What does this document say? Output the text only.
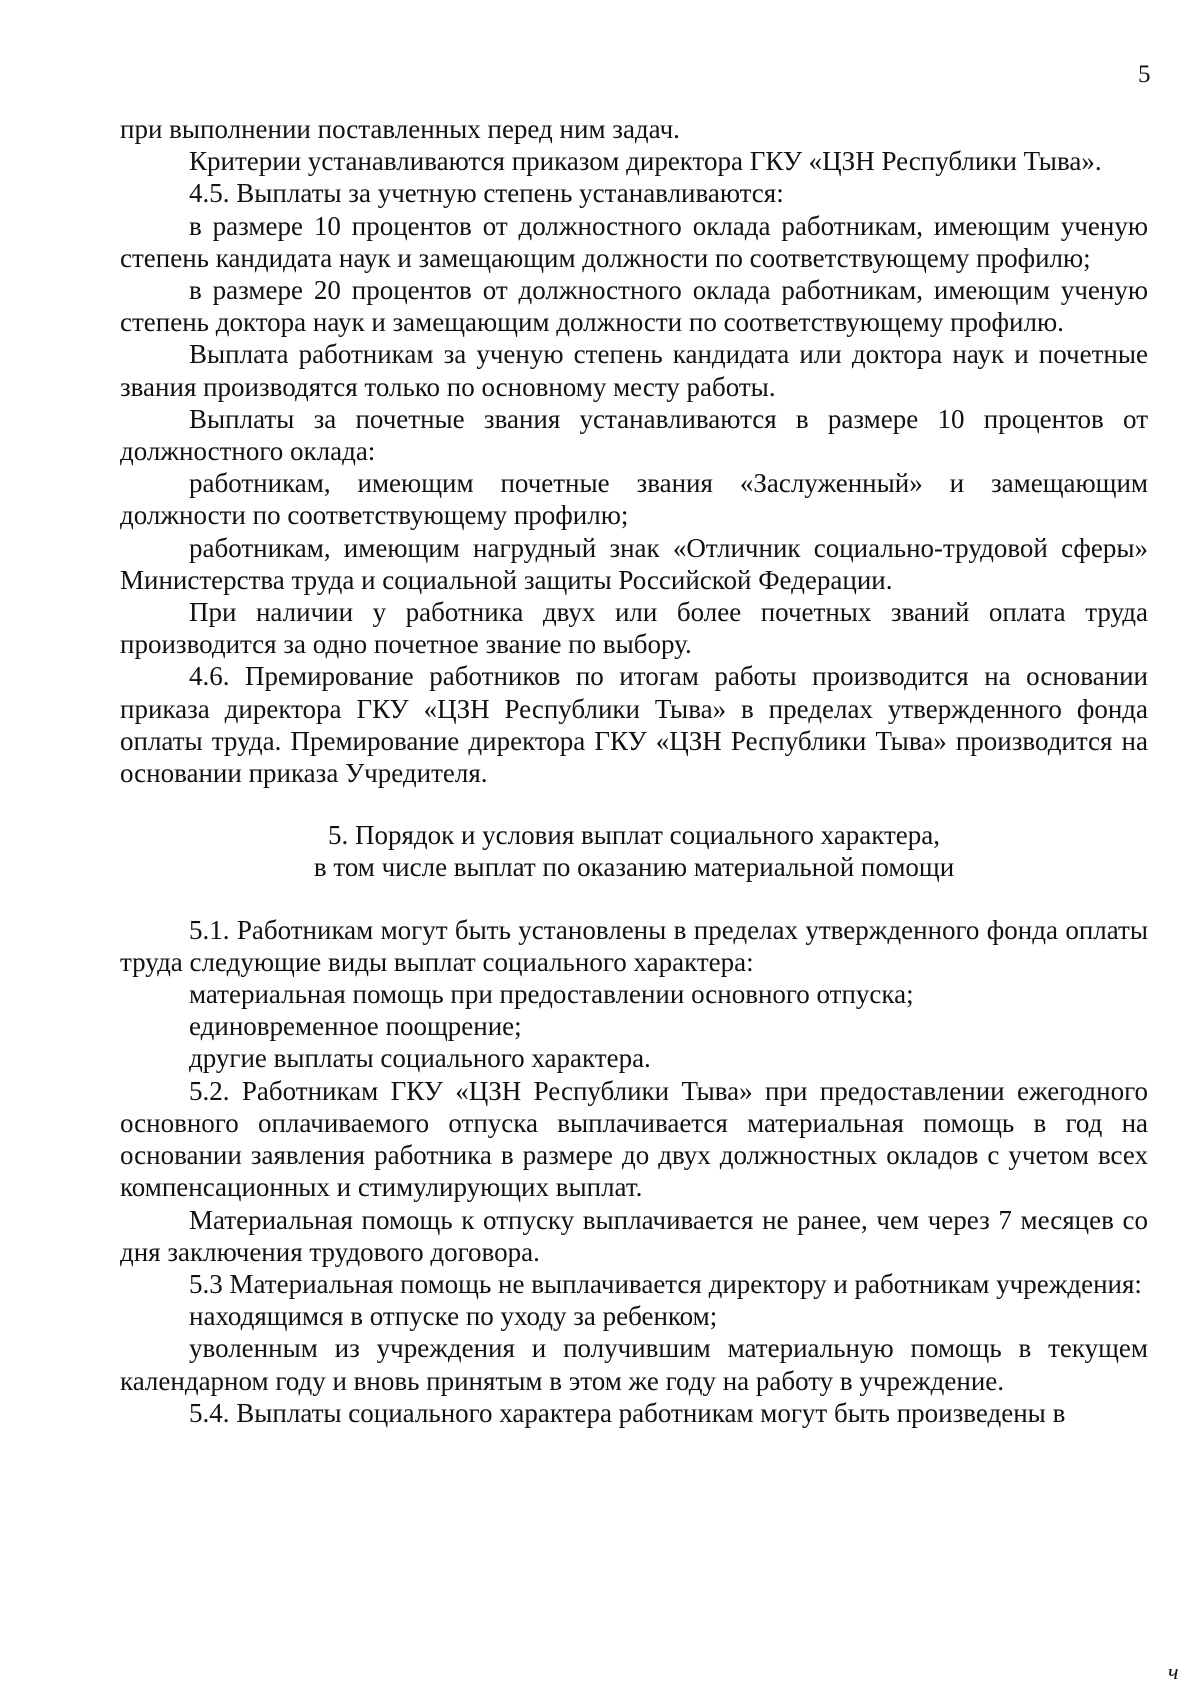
5

при выполнении поставленных перед ним задач.

Критерии устанавливаются приказом директора ГКУ «ЦЗН Республики Тыва».

4.5. Выплаты за учетную степень устанавливаются:

в размере 10 процентов от должностного оклада работникам, имеющим ученую степень кандидата наук и замещающим должности по соответствующему профилю;

в размере 20 процентов от должностного оклада работникам, имеющим ученую степень доктора наук и замещающим должности по соответствующему профилю.

Выплата работникам за ученую степень кандидата или доктора наук и почетные звания производятся только по основному месту работы.

Выплаты за почетные звания устанавливаются в размере 10 процентов от должностного оклада:

работникам, имеющим почетные звания «Заслуженный» и замещающим должности по соответствующему профилю;

работникам, имеющим нагрудный знак «Отличник социально-трудовой сферы» Министерства труда и социальной защиты Российской Федерации.

При наличии у работника двух или более почетных званий оплата труда производится за одно почетное звание по выбору.

4.6. Премирование работников по итогам работы производится на основании приказа директора ГКУ «ЦЗН Республики Тыва» в пределах утвержденного фонда оплаты труда. Премирование директора ГКУ «ЦЗН Республики Тыва» производится на основании приказа Учредителя.

5. Порядок и условия выплат социального характера,
в том числе выплат по оказанию материальной помощи

5.1. Работникам могут быть установлены в пределах утвержденного фонда оплаты труда следующие виды выплат социального характера:

материальная помощь при предоставлении основного отпуска;

единовременное поощрение;

другие выплаты социального характера.

5.2. Работникам ГКУ «ЦЗН Республики Тыва» при предоставлении ежегодного основного оплачиваемого отпуска выплачивается материальная помощь в год на основании заявления работника в размере до двух должностных окладов с учетом всех компенсационных и стимулирующих выплат.

Материальная помощь к отпуску выплачивается не ранее, чем через 7 месяцев со дня заключения трудового договора.

5.3 Материальная помощь не выплачивается директору и работникам учреждения:

находящимся в отпуске по уходу за ребенком;

уволенным из учреждения и получившим материальную помощь в текущем календарном году и вновь принятым в этом же году на работу в учреждение.

5.4. Выплаты социального характера работникам могут быть произведены в

ч
